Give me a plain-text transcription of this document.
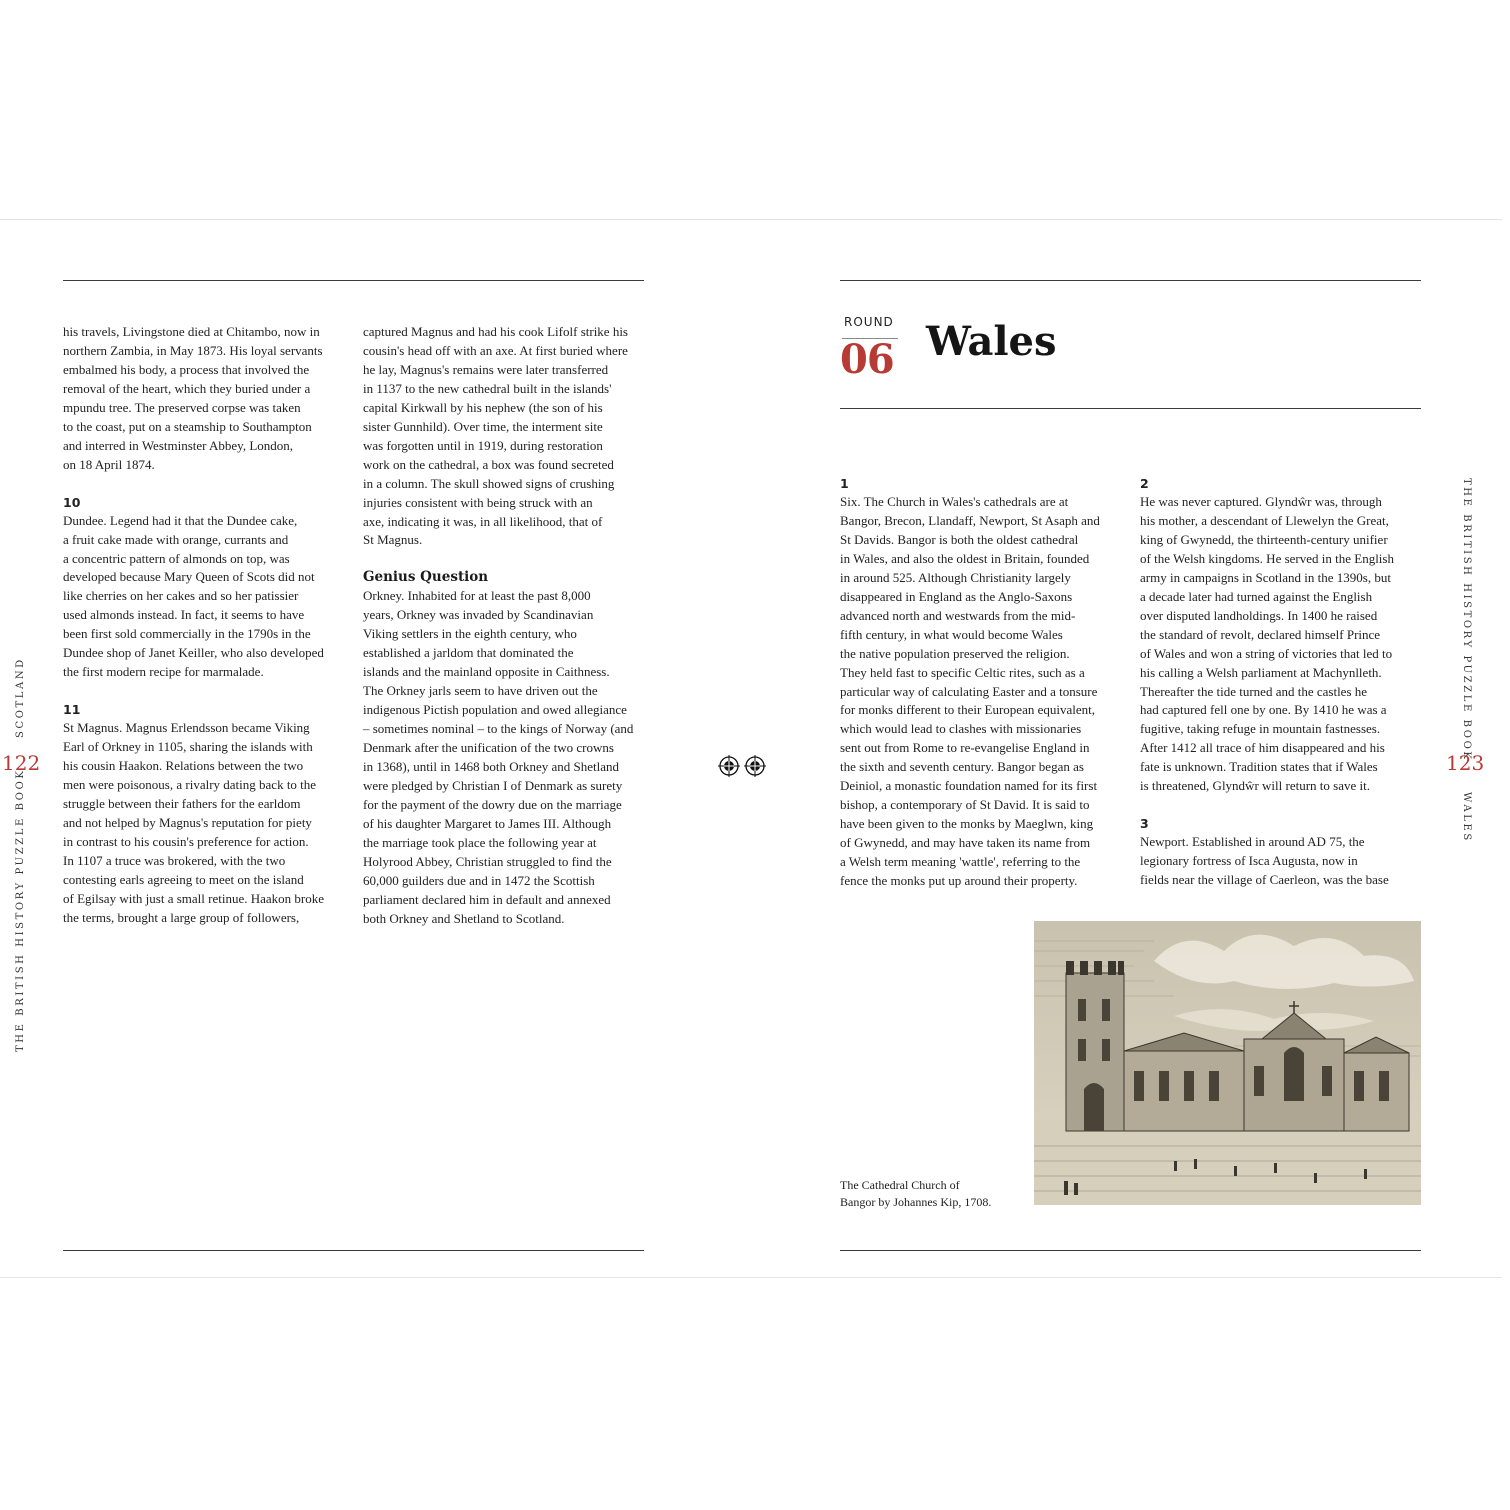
THE BRITISH HISTORY PUZZLE BOOK
SCOTLAND
122
THE BRITISH HISTORY PUZZLE BOOK
WALES
123

his travels, Livingstone died at Chitambo, now in
northern Zambia, in May 1873. His loyal servants
embalmed his body, a process that involved the
removal of the heart, which they buried under a
mpundu tree. The preserved corpse was taken
to the coast, put on a steamship to Southampton
and interred in Westminster Abbey, London,
on 18 April 1874.

10

Dundee. Legend had it that the Dundee cake,
a fruit cake made with orange, currants and
a concentric pattern of almonds on top, was
developed because Mary Queen of Scots did not
like cherries on her cakes and so her patissier
used almonds instead. In fact, it seems to have
been first sold commercially in the 1790s in the
Dundee shop of Janet Keiller, who also developed
the first modern recipe for marmalade.

11

St Magnus. Magnus Erlendsson became Viking
Earl of Orkney in 1105, sharing the islands with
his cousin Haakon. Relations between the two
men were poisonous, a rivalry dating back to the
struggle between their fathers for the earldom
and not helped by Magnus's reputation for piety
in contrast to his cousin's preference for action.
In 1107 a truce was brokered, with the two
contesting earls agreeing to meet on the island
of Egilsay with just a small retinue. Haakon broke
the terms, brought a large group of followers,

captured Magnus and had his cook Lifolf strike his
cousin's head off with an axe. At first buried where
he lay, Magnus's remains were later transferred
in 1137 to the new cathedral built in the islands'
capital Kirkwall by his nephew (the son of his
sister Gunnhild). Over time, the interment site
was forgotten until in 1919, during restoration
work on the cathedral, a box was found secreted
in a column. The skull showed signs of crushing
injuries consistent with being struck with an
axe, indicating it was, in all likelihood, that of
St Magnus.

Genius Question

Orkney. Inhabited for at least the past 8,000
years, Orkney was invaded by Scandinavian
Viking settlers in the eighth century, who
established a jarldom that dominated the
islands and the mainland opposite in Caithness.
The Orkney jarls seem to have driven out the
indigenous Pictish population and owed allegiance
– sometimes nominal – to the kings of Norway (and
Denmark after the unification of the two crowns
in 1368), until in 1468 both Orkney and Shetland
were pledged by Christian I of Denmark as surety
for the payment of the dowry due on the marriage
of his daughter Margaret to James III. Although
the marriage took place the following year at
Holyrood Abbey, Christian struggled to find the
60,000 guilders due and in 1472 the Scottish
parliament declared him in default and annexed
both Orkney and Shetland to Scotland.

ROUND
06 Wales

1

Six. The Church in Wales's cathedrals are at
Bangor, Brecon, Llandaff, Newport, St Asaph and
St Davids. Bangor is both the oldest cathedral
in Wales, and also the oldest in Britain, founded
in around 525. Although Christianity largely
disappeared in England as the Anglo-Saxons
advanced north and westwards from the mid-
fifth century, in what would become Wales
the native population preserved the religion.
They held fast to specific Celtic rites, such as a
particular way of calculating Easter and a tonsure
for monks different to their European equivalent,
which would lead to clashes with missionaries
sent out from Rome to re-evangelise England in
the sixth and seventh century. Bangor began as
Deiniol, a monastic foundation named for its first
bishop, a contemporary of St David. It is said to
have been given to the monks by Maeglwn, king
of Gwynedd, and may have taken its name from
a Welsh term meaning 'wattle', referring to the
fence the monks put up around their property.

2

He was never captured. Glyndŵr was, through
his mother, a descendant of Llewelyn the Great,
king of Gwynedd, the thirteenth-century unifier
of the Welsh kingdoms. He served in the English
army in campaigns in Scotland in the 1390s, but
a decade later had turned against the English
over disputed landholdings. In 1400 he raised
the standard of revolt, declared himself Prince
of Wales and won a string of victories that led to
his calling a Welsh parliament at Machynlleth.
Thereafter the tide turned and the castles he
had captured fell one by one. By 1410 he was a
fugitive, taking refuge in mountain fastnesses.
After 1412 all trace of him disappeared and his
fate is unknown. Tradition states that if Wales
is threatened, Glyndŵr will return to save it.

3

Newport. Established in around AD 75, the
legionary fortress of Isca Augusta, now in
fields near the village of Caerleon, was the base

The Cathedral Church of
Bangor by Johannes Kip, 1708.
